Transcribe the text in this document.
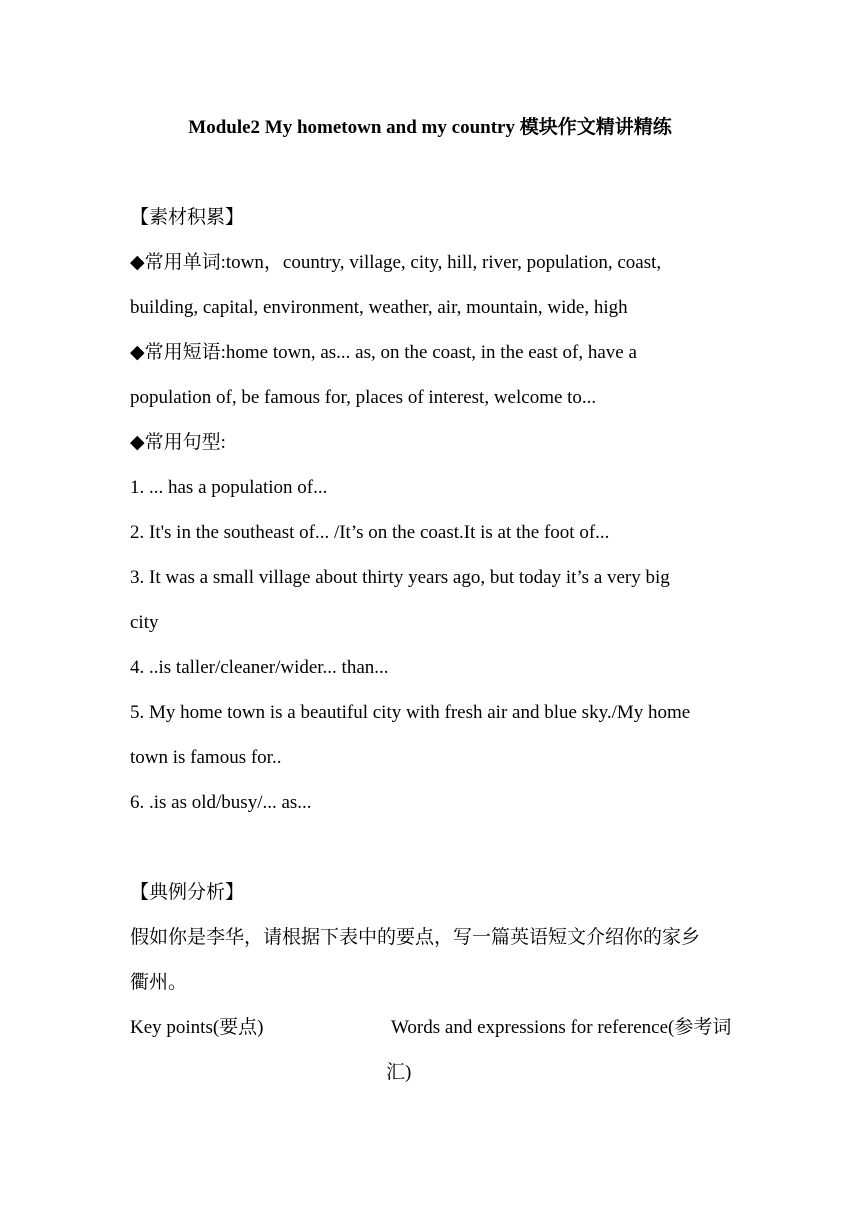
Module2 My hometown and my country 模块作文精讲精练
【素材积累】
◆常用单词:town，country, village, city, hill, river, population, coast,
building, capital, environment, weather, air, mountain, wide, high
◆常用短语:home town, as... as, on the coast, in the east of, have a
population of, be famous for, places of interest, welcome to...
◆常用句型:
1. ... has a population of...
2. It's in the southeast of... /It’s on the coast.It is at the foot of...
3. It was a small village about thirty years ago, but today it’s a very big
city
4. ..is taller/cleaner/wider... than...
5. My home town is a beautiful city with fresh air and blue sky./My home
town is famous for..
6. .is as old/busy/... as...
【典例分析】
假如你是李华，请根据下表中的要点，写一篇英语短文介绍你的家乡
衢州。
Key points(要点)	Words and expressions for reference(参考词
汇)
